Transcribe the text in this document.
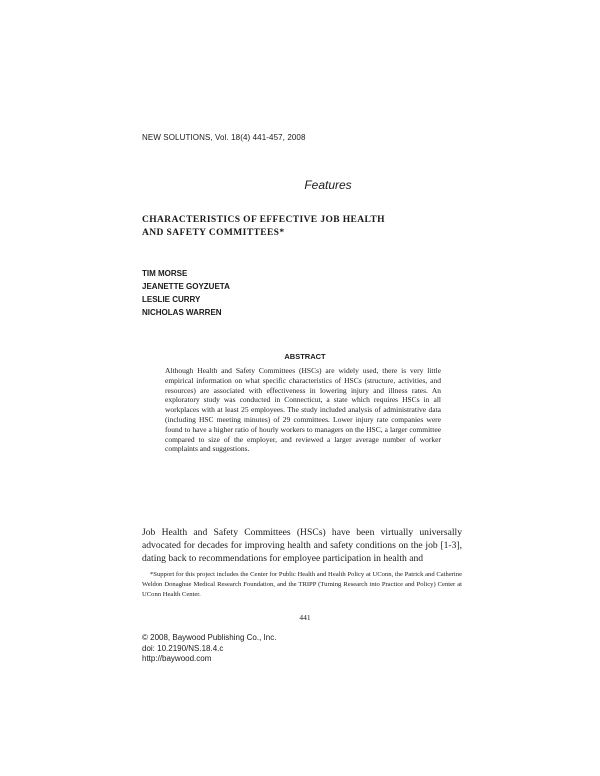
NEW SOLUTIONS, Vol. 18(4) 441-457, 2008
Features
CHARACTERISTICS OF EFFECTIVE JOB HEALTH
AND SAFETY COMMITTEES*
TIM MORSE
JEANETTE GOYZUETA
LESLIE CURRY
NICHOLAS WARREN
ABSTRACT
Although Health and Safety Committees (HSCs) are widely used, there is very little empirical information on what specific characteristics of HSCs (structure, activities, and resources) are associated with effectiveness in lowering injury and illness rates. An exploratory study was conducted in Connecticut, a state which requires HSCs in all workplaces with at least 25 employees. The study included analysis of administrative data (including HSC meeting minutes) of 29 committees. Lower injury rate companies were found to have a higher ratio of hourly workers to managers on the HSC, a larger committee compared to size of the employer, and reviewed a larger average number of worker complaints and suggestions.
Job Health and Safety Committees (HSCs) have been virtually universally advocated for decades for improving health and safety conditions on the job [1-3], dating back to recommendations for employee participation in health and
*Support for this project includes the Center for Public Health and Health Policy at UConn, the Patrick and Catherine Weldon Donaghue Medical Research Foundation, and the TRIPP (Turning Research into Practice and Policy) Center at UConn Health Center.
441
© 2008, Baywood Publishing Co., Inc.
doi: 10.2190/NS.18.4.c
http://baywood.com
